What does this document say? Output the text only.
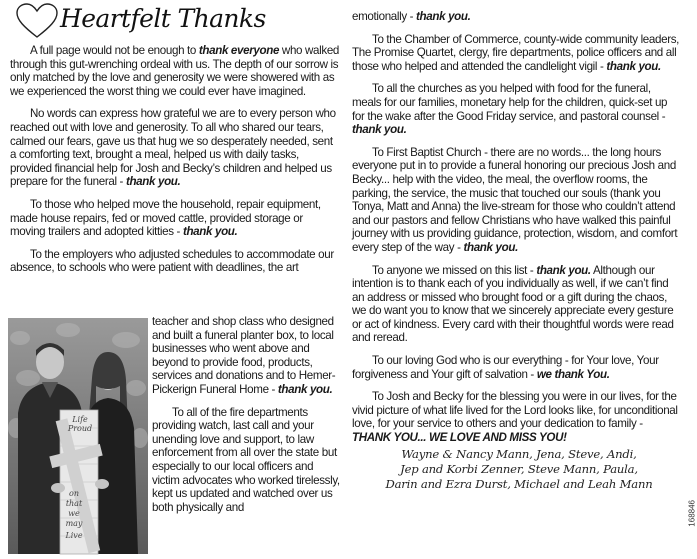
Heartfelt Thanks

A full page would not be enough to thank everyone who walked through this gut-wrenching ordeal with us. The depth of our sorrow is only matched by the love and generosity we were showered with as we experienced the worst thing we could ever have imagined.

No words can express how grateful we are to every person who reached out with love and generosity. To all who shared our tears, calmed our fears, gave us that hug we so desperately needed, sent a comforting text, brought a meal, helped us with daily tasks, provided financial help for Josh and Becky’s children and helped us prepare for the funeral - thank you.

To those who helped move the household, repair equipment, made house repairs, fed or moved cattle, provided storage or moving trailers and adopted kitties - thank you.

To the employers who adjusted schedules to accommodate our absence, to schools who were patient with deadlines, the art

Life
Proud
on
that
we
may
Live

teacher and shop class who designed and built a funeral planter box, to local businesses who went above and beyond to provide food, products, services and donations and to Hemer-Pickerign Funeral Home - thank you.

To all of the fire departments providing watch, last call and your unending love and support, to law enforcement from all over the state but especially to our local officers and victim advocates who worked tirelessly, kept us updated and watched over us both physically and

emotionally - thank you.

To the Chamber of Commerce, county-wide community leaders, The Promise Quartet, clergy, fire departments, police officers and all those who helped and attended the candlelight vigil - thank you.

To all the churches as you helped with food for the funeral, meals for our families, monetary help for the children, quick-set up for the wake after the Good Friday service, and pastoral counsel - thank you.

To First Baptist Church - there are no words... the long hours everyone put in to provide a funeral honoring our precious Josh and Becky... help with the video, the meal, the overflow rooms, the parking, the service, the music that touched our souls (thank you Tonya, Matt and Anna) the live-stream for those who couldn’t attend and our pastors and fellow Christians who have walked this painful journey with us providing guidance, protection, wisdom, and comfort every step of the way - thank you.

To anyone we missed on this list - thank you. Although our intention is to thank each of you individually as well, if we can’t find an address or missed who brought food or a gift during the chaos, we do want you to know that we sincerely appreciate every gesture or act of kindness. Every card with their thoughtful words were read and reread.

To our loving God who is our everything - for Your love, Your forgiveness and Your gift of salvation - we thank You.

To Josh and Becky for the blessing you were in our lives, for the vivid picture of what life lived for the Lord looks like, for unconditional love, for your service to others and your dedication to family - THANK YOU... WE LOVE AND MISS YOU!

Wayne & Nancy Mann, Jena, Steve, Andi,
Jep and Korbi Zenner, Steve Mann, Paula,
Darin and Ezra Durst, Michael and Leah Mann
168846
